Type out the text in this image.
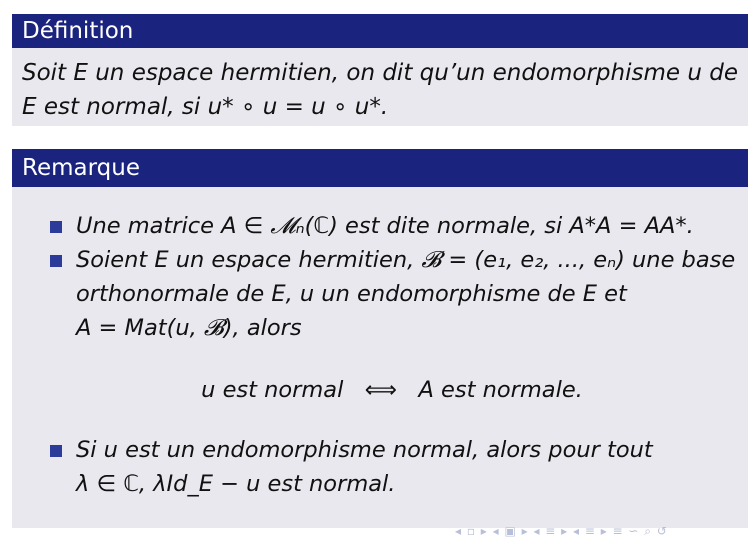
Définition
Soit E un espace hermitien, on dit qu’un endomorphisme u de
E est normal, si u* ∘ u = u ∘ u*.
Remarque
Une matrice A ∈ 𝓜ₙ(ℂ) est dite normale, si A*A = AA*.
Soient E un espace hermitien, 𝓑 = (e₁, e₂, ..., eₙ) une base
orthonormale de E, u un endomorphisme de E et
A = Mat(u, 𝓑), alors
u est normal   ⟺   A est normale.
Si u est un endomorphisme normal, alors pour tout
λ ∈ ℂ, λId_E − u est normal.
◂ ▫ ▸ ◂ ▣ ▸ ◂ ≡ ▸ ◂ ≡ ▸ ≡ ∽ ⌕ ↺
